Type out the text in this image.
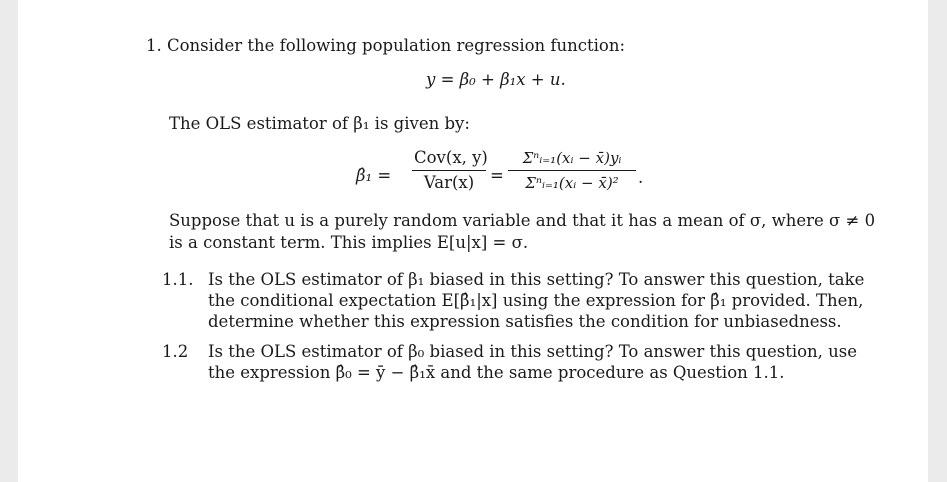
1. Consider the following population regression function:
y = β₀ + β₁x + u.
The OLS estimator of β₁ is given by:
β̂₁ =
Cov(x, y)
Var(x) =
Σⁿᵢ₌₁(xᵢ − x̄)yᵢ
Σⁿᵢ₌₁(xᵢ − x̄)²	.
Suppose that u is a purely random variable and that it has a mean of σ, where σ ≠ 0
is a constant term. This implies E[u|x] = σ.
1.1. Is the OLS estimator of β₁ biased in this setting? To answer this question, take
the conditional expectation E[β̂₁|x] using the expression for β̂₁ provided. Then,
determine whether this expression satisfies the condition for unbiasedness.
1.2 Is the OLS estimator of β₀ biased in this setting? To answer this question, use
the expression β̂₀ = ȳ − β̂₁x̄ and the same procedure as Question 1.1.
